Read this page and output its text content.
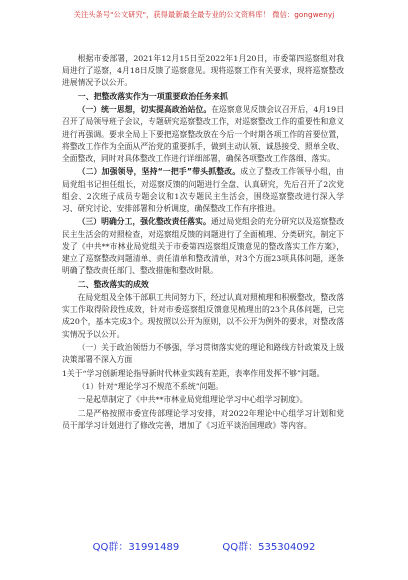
关注头条号"公文研究"，获得最新最全最专业的公文资料库！ 微信：gongwenyj

根据市委部署，2021年12月15日至2022年1月20日，市委第四巡察组对我局进行了巡察，4月18日反馈了巡察意见。现将巡察工作有关要求，现将巡察整改进展情况予以公开。

一、把整改落实作为一项重要政治任务来抓

（一）统一思想，切实提高政治站位。在巡察意见反馈会议召开后，4月19日召开了局领导班子会议，专题研究巡察整改工作，对巡察整改工作的重要性和意义进行再强调。要求全局上下要把巡察整改放在今后一个时期各项工作的首要位置，将整改工作作为全面从严治党的重要抓手，做到主动认领、诚恳接受、照单全收、全面整改，同时对具体整改工作进行详细部署，确保各项整改工作落细、落实。

（二）加强领导，坚持“一把手”带头抓整改。成立了整改工作领导小组，由局党组书记担任组长，对巡察反馈的问题进行全盘、认真研究，先后召开了2次党组会、2次班子成员专题会议和1次专题民主生活会，围绕巡察整改进行深入学习、研究讨论、安排部署和分析调度，确保整改工作有序推进。

（三）明确分工，强化整改责任落实。通过局党组会的充分研究以及巡察整改民主生活会的对照检查，对巡察组反馈的问题进行了全面梳理、分类研究，制定下发了《中共**市林业局党组关于市委第四巡察组反馈意见的整改落实工作方案》，建立了巡察整改问题清单、责任清单和整改清单，对3个方面23项具体问题，逐条明确了整改责任部门、整改措施和整改时限。

二、整改落实的成效

在局党组及全体干部职工共同努力下，经过认真对照梳理和积极整改，整改落实工作取得阶段性成效，针对市委巡察组反馈意见梳理出的23个具体问题，已完成20个，基本完成3个。现按照以公开为原则，以不公开为例外的要求，对整改落实情况予以公开。

（一）关于政治领悟力不够强，学习贯彻落实党的理论和路线方针政策及上级决策部署不深入方面

1关于“学习创新理论指导新时代林业实践有差距，表率作用发挥不够”问题。

（1）针对“理论学习不规范不系统”问题。

一是起草制定了《中共**市林业局党组理论学习中心组学习制度》。

二是严格按照市委宣传部理论学习安排，对2022年理论中心组学习计划和党员干部学习计划进行了修改完善，增加了《习近平谈治国理政》等内容。

QQ群：31991489	QQ群：535304092
